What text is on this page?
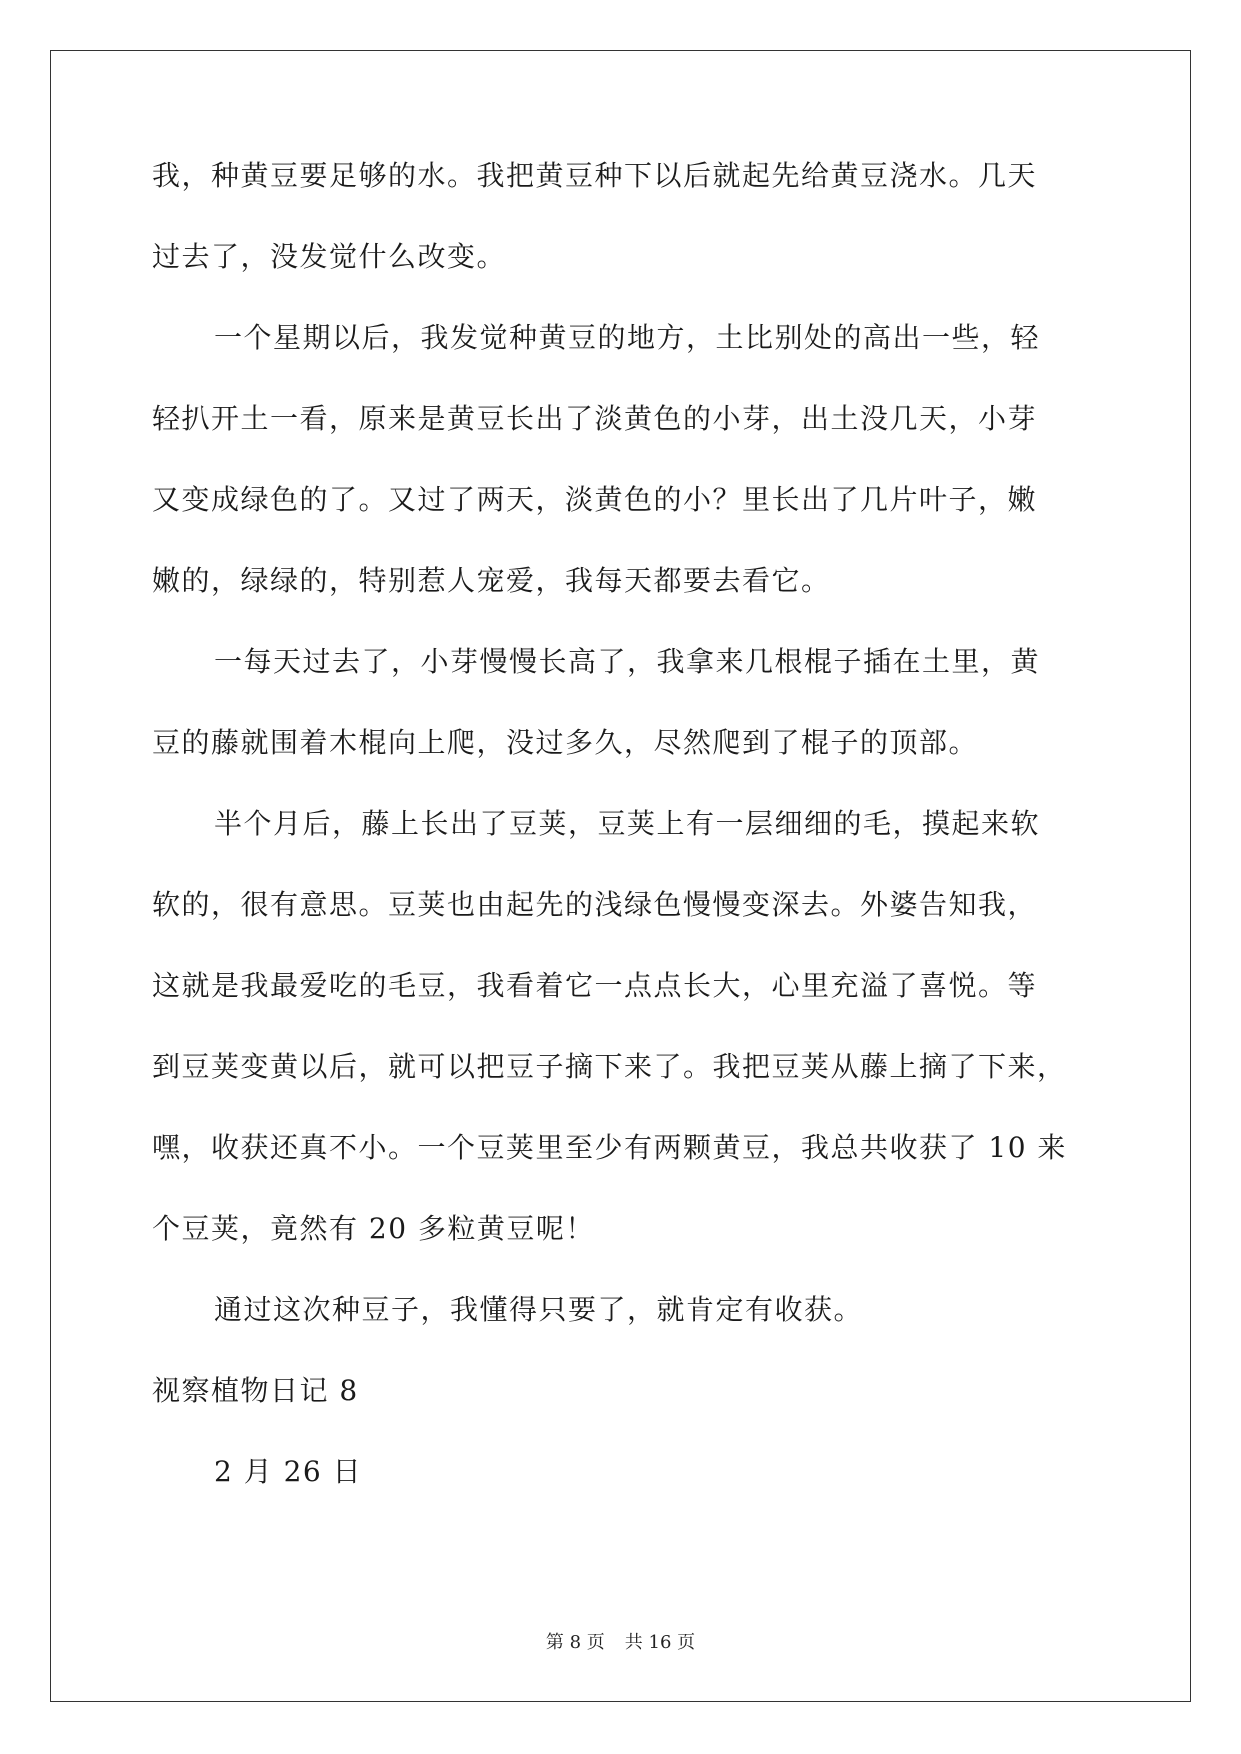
我，种黄豆要足够的水。我把黄豆种下以后就起先给黄豆浇水。几天

过去了，没发觉什么改变。

一个星期以后，我发觉种黄豆的地方，土比别处的高出一些，轻

轻扒开土一看，原来是黄豆长出了淡黄色的小芽，出土没几天，小芽

又变成绿色的了。又过了两天，淡黄色的小？里长出了几片叶子，嫩

嫩的，绿绿的，特别惹人宠爱，我每天都要去看它。

一每天过去了，小芽慢慢长高了，我拿来几根棍子插在土里，黄

豆的藤就围着木棍向上爬，没过多久，尽然爬到了棍子的顶部。

半个月后，藤上长出了豆荚，豆荚上有一层细细的毛，摸起来软

软的，很有意思。豆荚也由起先的浅绿色慢慢变深去。外婆告知我，

这就是我最爱吃的毛豆，我看着它一点点长大，心里充溢了喜悦。等

到豆荚变黄以后，就可以把豆子摘下来了。我把豆荚从藤上摘了下来，

嘿，收获还真不小。一个豆荚里至少有两颗黄豆，我总共收获了 10 来

个豆荚，竟然有 20 多粒黄豆呢！

通过这次种豆子，我懂得只要了，就肯定有收获。

视察植物日记 8

2 月 26 日

第 8 页 共 16 页
